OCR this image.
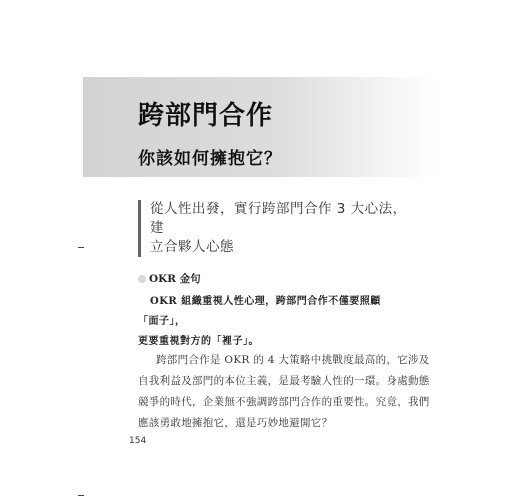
跨部門合作
你該如何擁抱它？
從人性出發，實行跨部門合作 3 大心法，建
立合夥人心態
OKR 金句
OKR 組織重視人性心理，跨部門合作不僅要照顧「面子」，
更要重視對方的「裡子」。
跨部門合作是 OKR 的 4 大策略中挑戰度最高的，它涉及
自我利益及部門的本位主義，是最考驗人性的一環。身處動態
競爭的時代，企業無不強調跨部門合作的重要性。究竟，我們
應該勇敢地擁抱它，還是巧妙地避開它？
154
